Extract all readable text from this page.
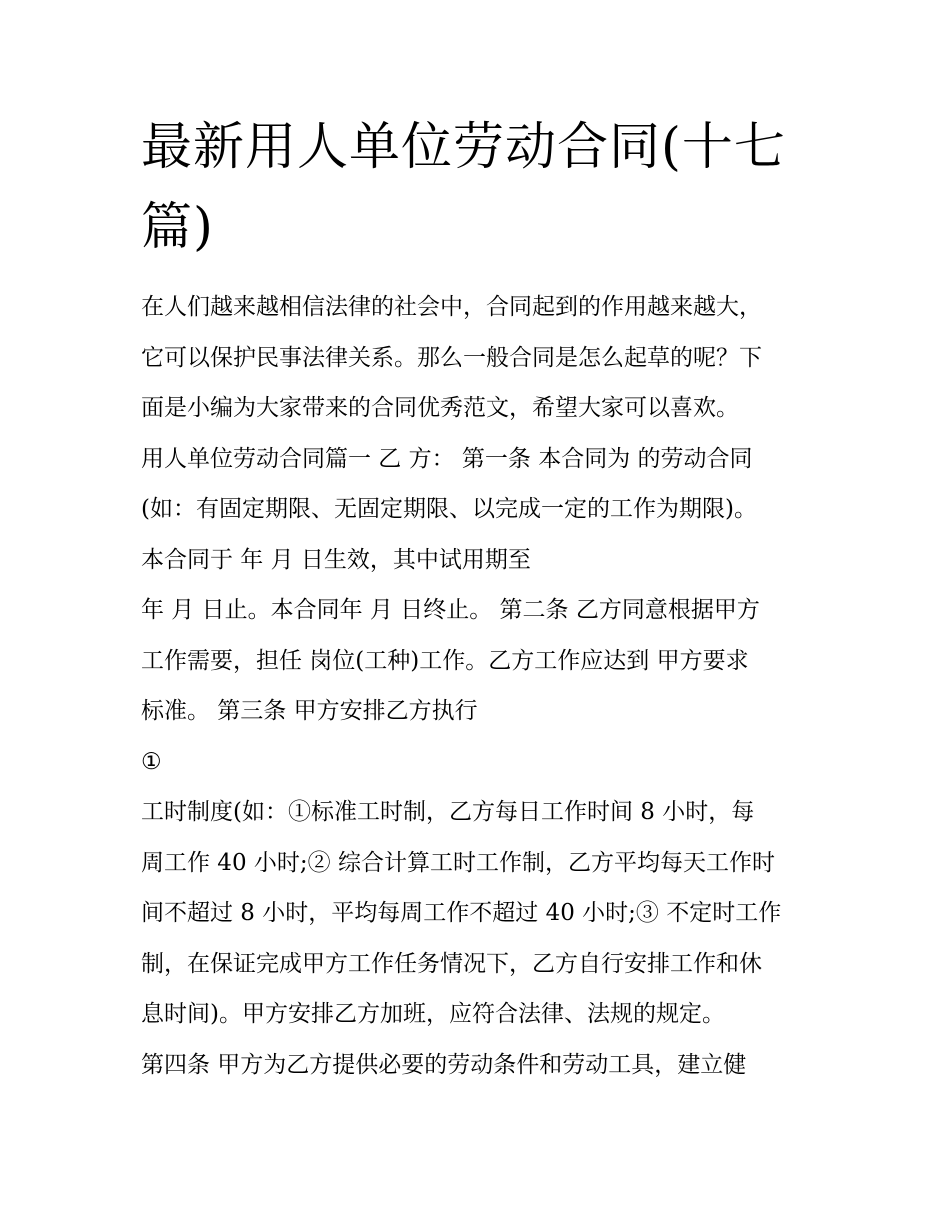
最新用人单位劳动合同(十七
篇)
在人们越来越相信法律的社会中，合同起到的作用越来越大，
它可以保护民事法律关系。那么一般合同是怎么起草的呢？下
面是小编为大家带来的合同优秀范文，希望大家可以喜欢。
用人单位劳动合同篇一 乙 方： 第一条 本合同为 的劳动合同
(如：有固定期限、无固定期限、以完成一定的工作为期限)。
本合同于 年 月 日生效，其中试用期至
年 月 日止。本合同年 月 日终止。 第二条 乙方同意根据甲方
工作需要，担任 岗位(工种)工作。乙方工作应达到 甲方要求
标准。 第三条 甲方安排乙方执行
①
工时制度(如：①标准工时制，乙方每日工作时间 8 小时，每
周工作 40 小时;② 综合计算工时工作制，乙方平均每天工作时
间不超过 8 小时，平均每周工作不超过 40 小时;③ 不定时工作
制，在保证完成甲方工作任务情况下，乙方自行安排工作和休
息时间)。甲方安排乙方加班，应符合法律、法规的规定。
第四条 甲方为乙方提供必要的劳动条件和劳动工具，建立健
